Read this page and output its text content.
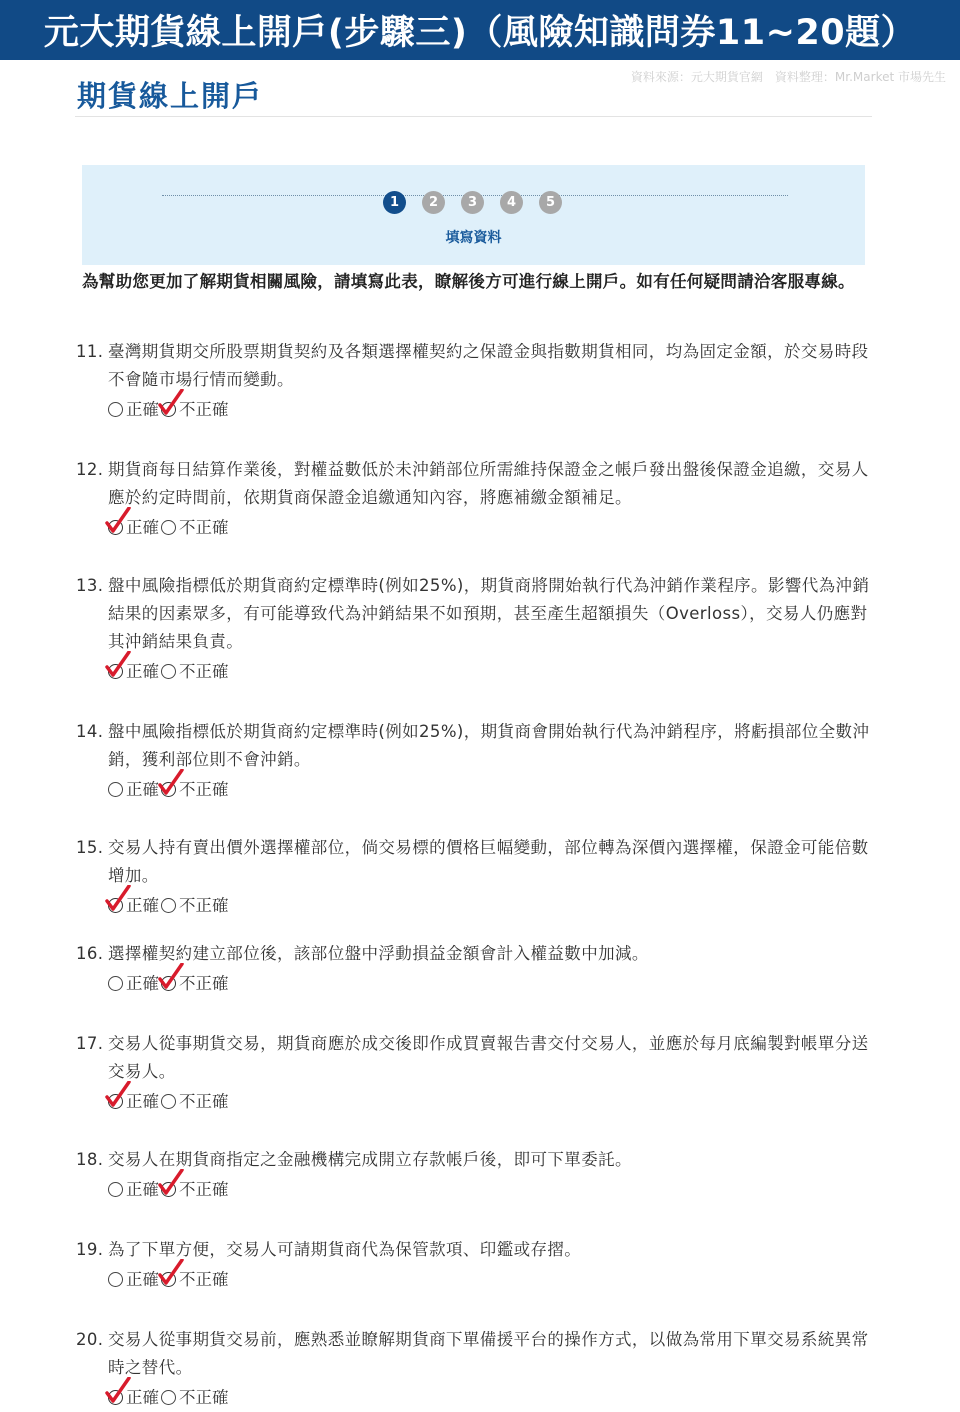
元大期貨線上開戶(步驟三)（風險知識問券11~20題）
資料來源：元大期貨官網　資料整理：Mr.Market 市場先生
期貨線上開戶
1	2	3	4	5
填寫資料
為幫助您更加了解期貨相關風險，請填寫此表，瞭解後方可進行線上開戶。如有任何疑問請洽客服專線。
11. 臺灣期貨期交所股票期貨契約及各類選擇權契約之保證金與指數期貨相同，均為固定金額，於交易時段不會隨市場行情而變動。
正確 不正確
12. 期貨商每日結算作業後，對權益數低於未沖銷部位所需維持保證金之帳戶發出盤後保證金追繳，交易人應於約定時間前，依期貨商保證金追繳通知內容，將應補繳金額補足。
正確 不正確
13. 盤中風險指標低於期貨商約定標準時(例如25%)，期貨商將開始執行代為沖銷作業程序。影響代為沖銷結果的因素眾多，有可能導致代為沖銷結果不如預期，甚至產生超額損失（Overloss），交易人仍應對其沖銷結果負責。
正確 不正確
14. 盤中風險指標低於期貨商約定標準時(例如25%)，期貨商會開始執行代為沖銷程序，將虧損部位全數沖銷，獲利部位則不會沖銷。
正確 不正確
15. 交易人持有賣出價外選擇權部位，倘交易標的價格巨幅變動，部位轉為深價內選擇權，保證金可能倍數增加。
正確 不正確
16. 選擇權契約建立部位後，該部位盤中浮動損益金額會計入權益數中加減。
正確 不正確
17. 交易人從事期貨交易，期貨商應於成交後即作成買賣報告書交付交易人，並應於每月底編製對帳單分送交易人。
正確 不正確
18. 交易人在期貨商指定之金融機構完成開立存款帳戶後，即可下單委託。
正確 不正確
19. 為了下單方便，交易人可請期貨商代為保管款項、印鑑或存摺。
正確 不正確
20. 交易人從事期貨交易前，應熟悉並瞭解期貨商下單備援平台的操作方式，以做為常用下單交易系統異常時之替代。
正確 不正確
